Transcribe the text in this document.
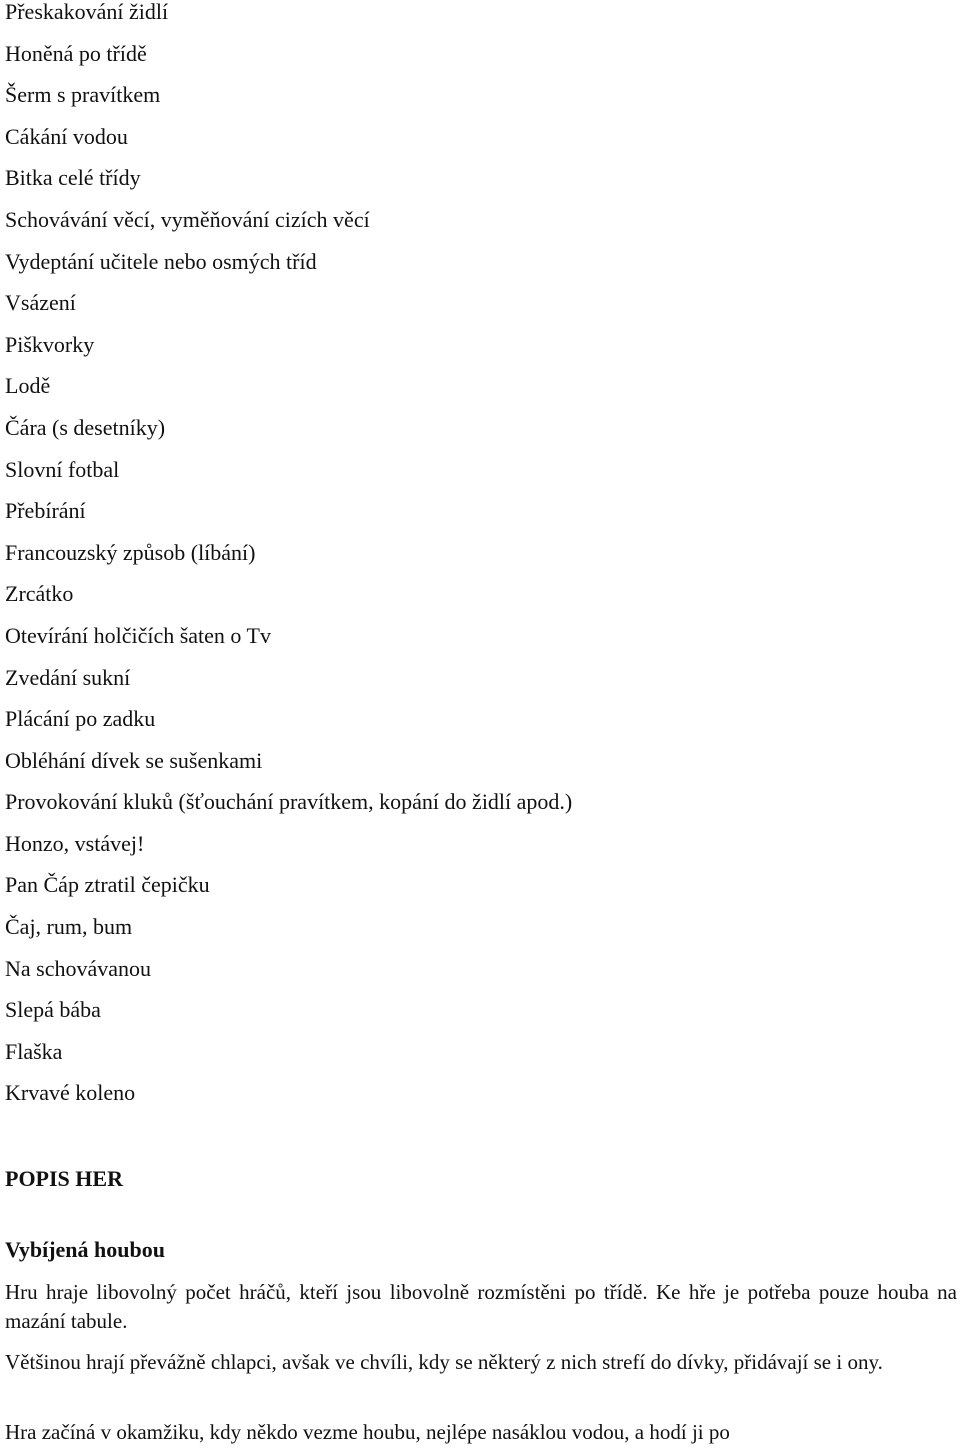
Přeskakování židlí
Honěná po třídě
Šerm s pravítkem
Cákání vodou
Bitka celé třídy
Schovávání věcí, vyměňování cizích věcí
Vydeptání učitele nebo osmých tříd
Vsázení
Piškvorky
Lodě
Čára (s desetníky)
Slovní fotbal
Přebírání
Francouzský způsob (líbání)
Zrcátko
Otevírání holčičích šaten o Tv
Zvedání sukní
Plácání po zadku
Obléhání dívek se sušenkami
Provokování kluků (šťouchání pravítkem, kopání do židlí apod.)
Honzo, vstávej!
Pan Čáp ztratil čepičku
Čaj, rum, bum
Na schovávanou
Slepá bába
Flaška
Krvavé koleno
POPIS HER
Vybíjená houbou

Hru hraje libovolný počet hráčů, kteří jsou libovolně rozmístěni po třídě. Ke hře je potřeba pouze houba na mazání tabule.

Většinou hrají převážně chlapci, avšak ve chvíli, kdy se některý z nich strefí do dívky, přidávají se i ony.

Hra začíná v okamžiku, kdy někdo vezme houbu, nejlépe nasáklou vodou, a hodí ji po
